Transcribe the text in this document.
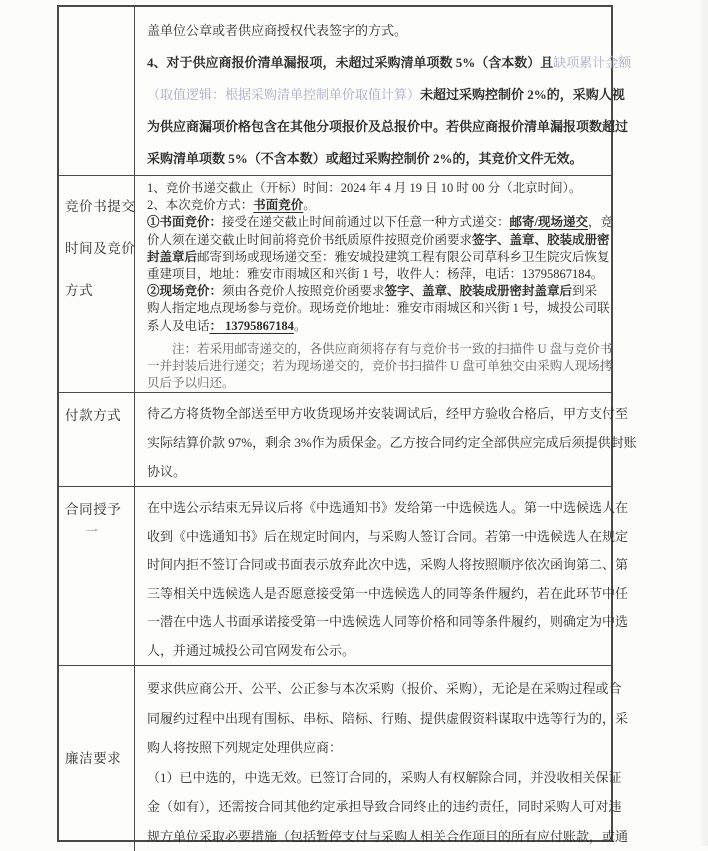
盖单位公章或者供应商授权代表签字的方式。
4、对于供应商报价清单漏报项，未超过采购清单项数 5%（含本数）且缺项累计金额
（取值逻辑：根据采购清单控制单价取值计算）未超过采购控制价 2%的，采购人视
为供应商漏项价格包含在其他分项报价及总报价中。若供应商报价清单漏报项数超过
采购清单项数 5%（不含本数）或超过采购控制价 2%的，其竞价文件无效。
竞价书提交
时间及竞价
方式
1、竞价书递交截止（开标）时间：2024 年 4 月 19 日 10 时 00 分（北京时间）。
2、本次竞价方式：书面竞价。
①书面竞价：接受在递交截止时间前通过以下任意一种方式递交：邮寄/现场递交，竞
价人须在递交截止时间前将竞价书纸质原件按照竞价函要求签字、盖章、胶装成册密
封盖章后邮寄到场或现场递交至：雅安城投建筑工程有限公司草科乡卫生院灾后恢复
重建项目，地址：雅安市雨城区和兴街 1 号，收件人：杨萍，电话：13795867184。
②现场竞价：须由各竞价人按照竞价函要求签字、盖章、胶装成册密封盖章后到采
购人指定地点现场参与竞价。现场竞价地址：雅安市雨城区和兴街 1 号，城投公司联
系人及电话： 13795867184。
注：若采用邮寄递交的，各供应商须将存有与竞价书一致的扫描件 U 盘与竞价书
一并封装后进行递交；若为现场递交的，竞价书扫描件 U 盘可单独交由采购人现场拷
贝后予以归还。
付款方式	待乙方将货物全部送至甲方收货现场并安装调试后，经甲方验收合格后，甲方支付至
实际结算价款 97%，剩余 3%作为质保金。乙方按合同约定全部供应完成后须提供封账
协议。
合同授予
一
在中选公示结束无异议后将《中选通知书》发给第一中选候选人。第一中选候选人在
收到《中选通知书》后在规定时间内，与采购人签订合同。若第一中选候选人在规定
时间内拒不签订合同或书面表示放弃此次中选，采购人将按照顺序依次函询第二、第
三等相关中选候选人是否愿意接受第一中选候选人的同等条件履约，若在此环节中任
一潜在中选人书面承诺接受第一中选候选人同等价格和同等条件履约，则确定为中选
人，并通过城投公司官网发布公示。
廉洁要求
要求供应商公开、公平、公正参与本次采购（报价、采购），无论是在采购过程或合
同履约过程中出现有围标、串标、陪标、行贿、提供虚假资料谋取中选等行为的，采
购人将按照下列规定处理供应商：
（1）已中选的，中选无效。已签订合同的，采购人有权解除合同，并没收相关保证
金（如有），还需按合同其他约定承担导致合同终止的违约责任，同时采购人可对违
规方单位采取必要措施（包括暂停支付与采购人相关合作项目的所有应付账款，或通
